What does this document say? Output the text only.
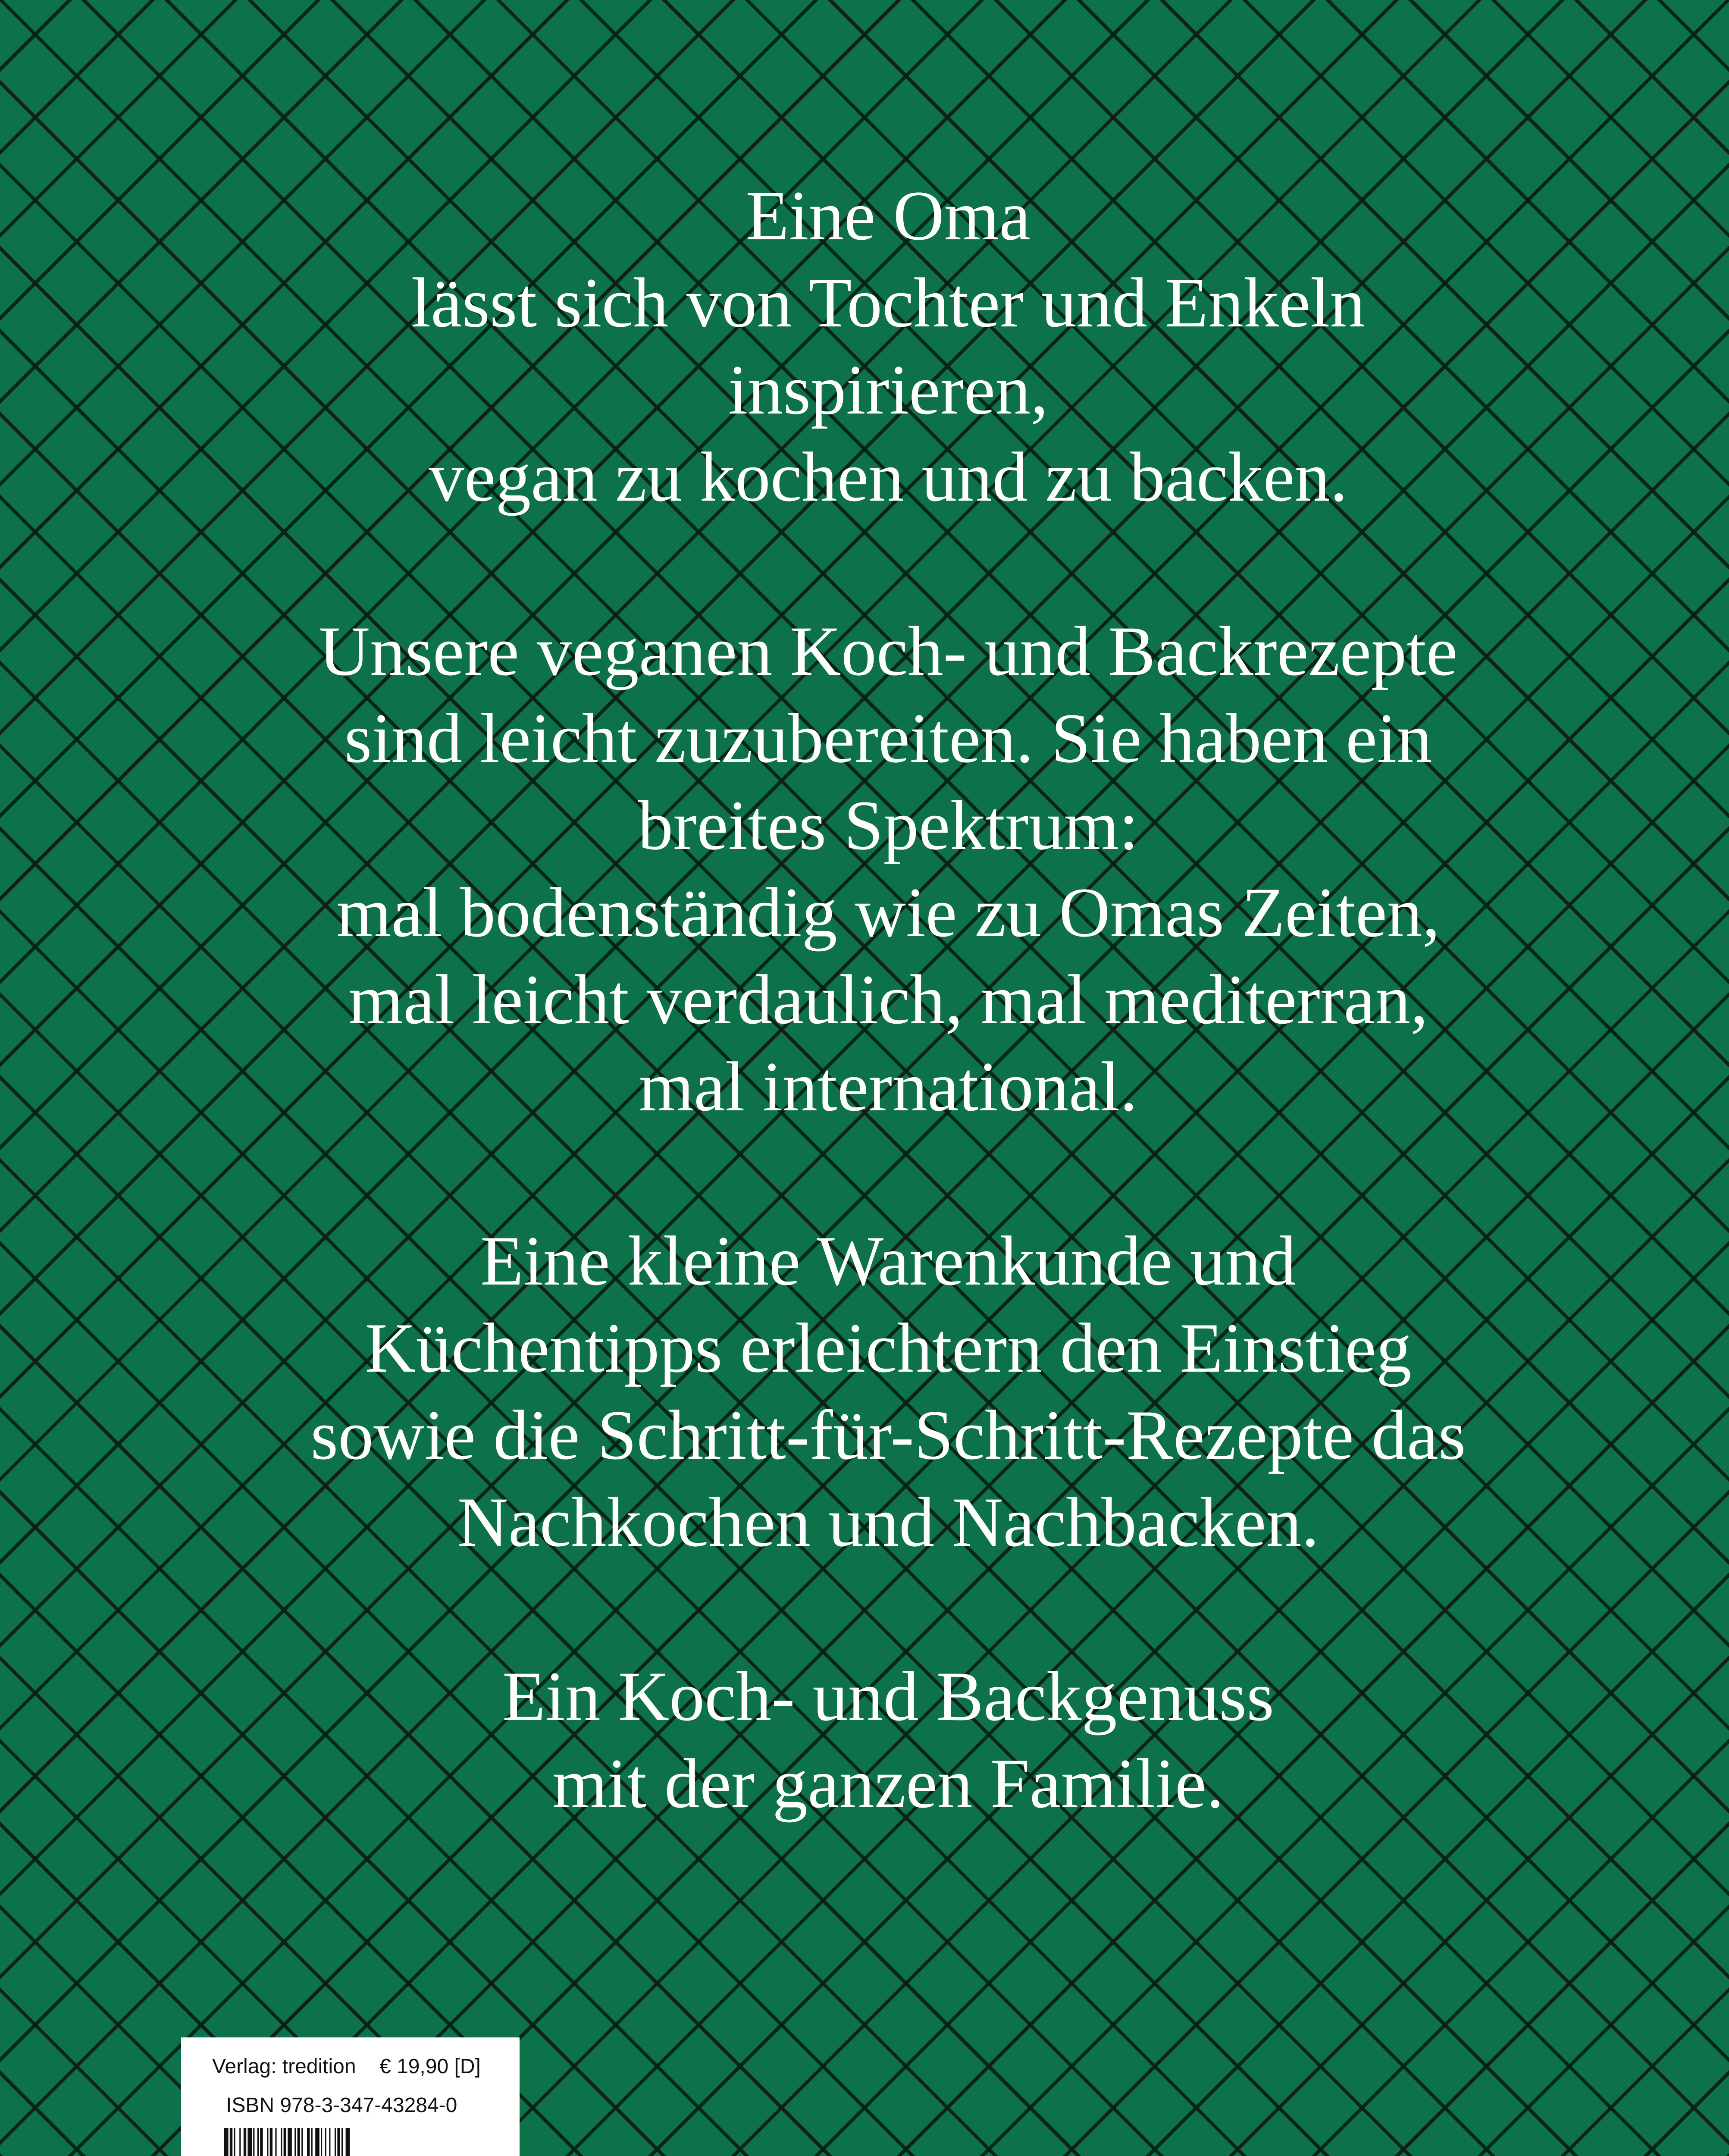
Eine Oma
lässt sich von Tochter und Enkeln
inspirieren,
vegan zu kochen und zu backen.
Unsere veganen Koch- und Backrezepte
sind leicht zuzubereiten. Sie haben ein
breites Spektrum:
mal bodenständig wie zu Omas Zeiten,
mal leicht verdaulich, mal mediterran,
mal international.
Eine kleine Warenkunde und
Küchentipps erleichtern den Einstieg
sowie die Schritt-für-Schritt-Rezepte das
Nachkochen und Nachbacken.
Ein Koch- und Backgenuss
mit der ganzen Familie.
Verlag: tredition € 19,90 [D]
ISBN 978-3-347-43284-0
